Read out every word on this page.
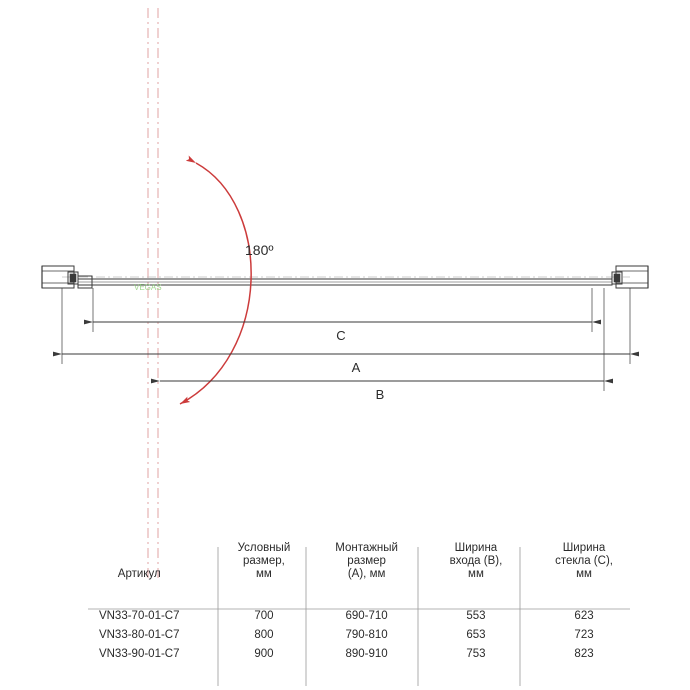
180º
VEGAS
C
A
B
Артикул

Условный
размер,
мм

Монтажный
размер
(А), мм

Ширина
входа (В),
мм

Ширина
стекла (С),
мм

VN33-70-01-C7	700	690-710	553	623
VN33-80-01-C7	800	790-810	653	723
VN33-90-01-C7	900	890-910	753	823
